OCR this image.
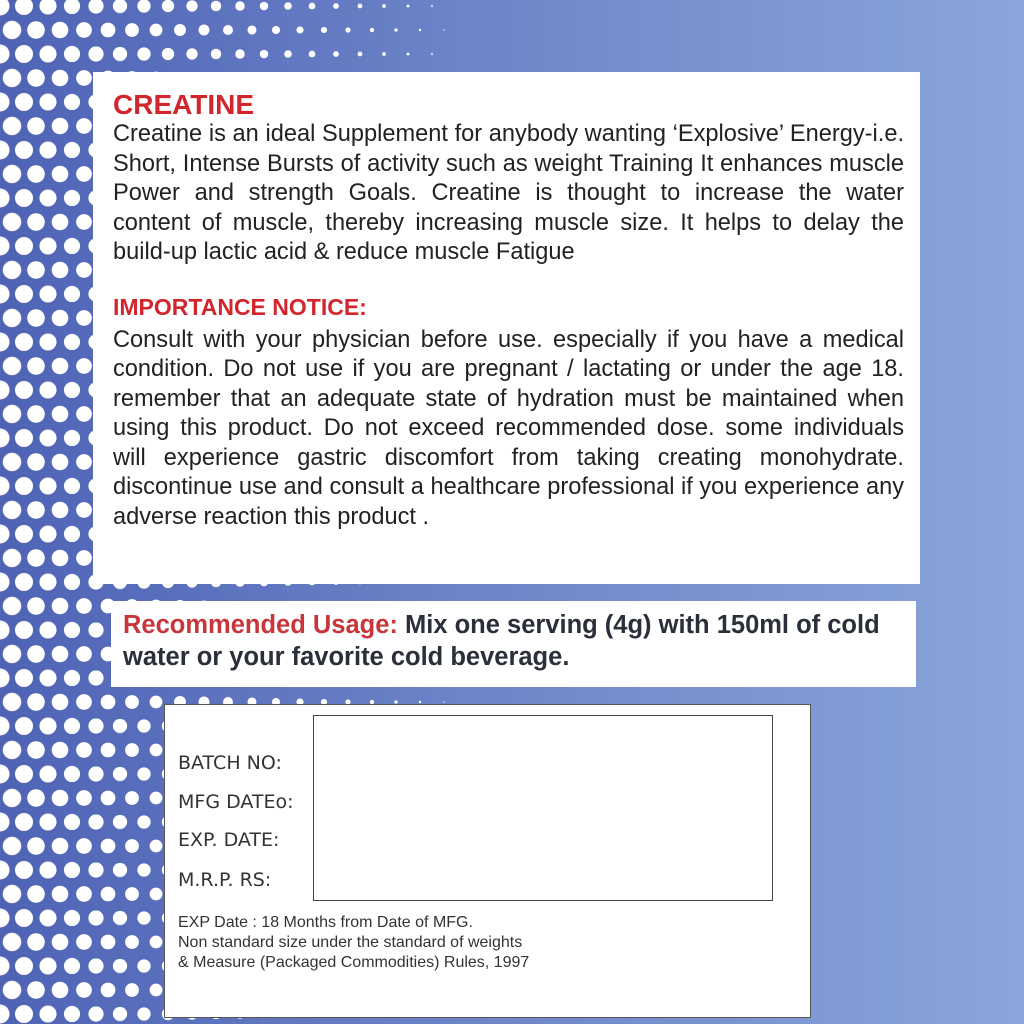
CREATINE

Creatine is an ideal Supplement for anybody wanting ‘Explosive’ Energy-i.e. Short, Intense Bursts of activity such as weight Training It enhances muscle Power and strength Goals. Creatine is thought to increase the water content of muscle, thereby increasing muscle size. It helps to delay the build-up lactic acid & reduce muscle Fatigue

IMPORTANCE NOTICE:

Consult with your physician before use. especially if you have a medical condition. Do not use if you are pregnant / lactating or under the age 18. remember that an adequate state of hydration must be maintained when using this product. Do not exceed recommended dose. some individuals will experience gastric discomfort from taking creating monohydrate. discontinue use and consult a healthcare professional if you experience any adverse reaction this product .

Recommended Usage: Mix one serving (4g) with 150ml of cold water or your favorite cold beverage.

BATCH NO:
MFG DATEo:
EXP. DATE:
M.R.P. RS:
EXP Date : 18 Months from Date of MFG.
Non standard size under the standard of weights
& Measure (Packaged Commodities) Rules, 1997
